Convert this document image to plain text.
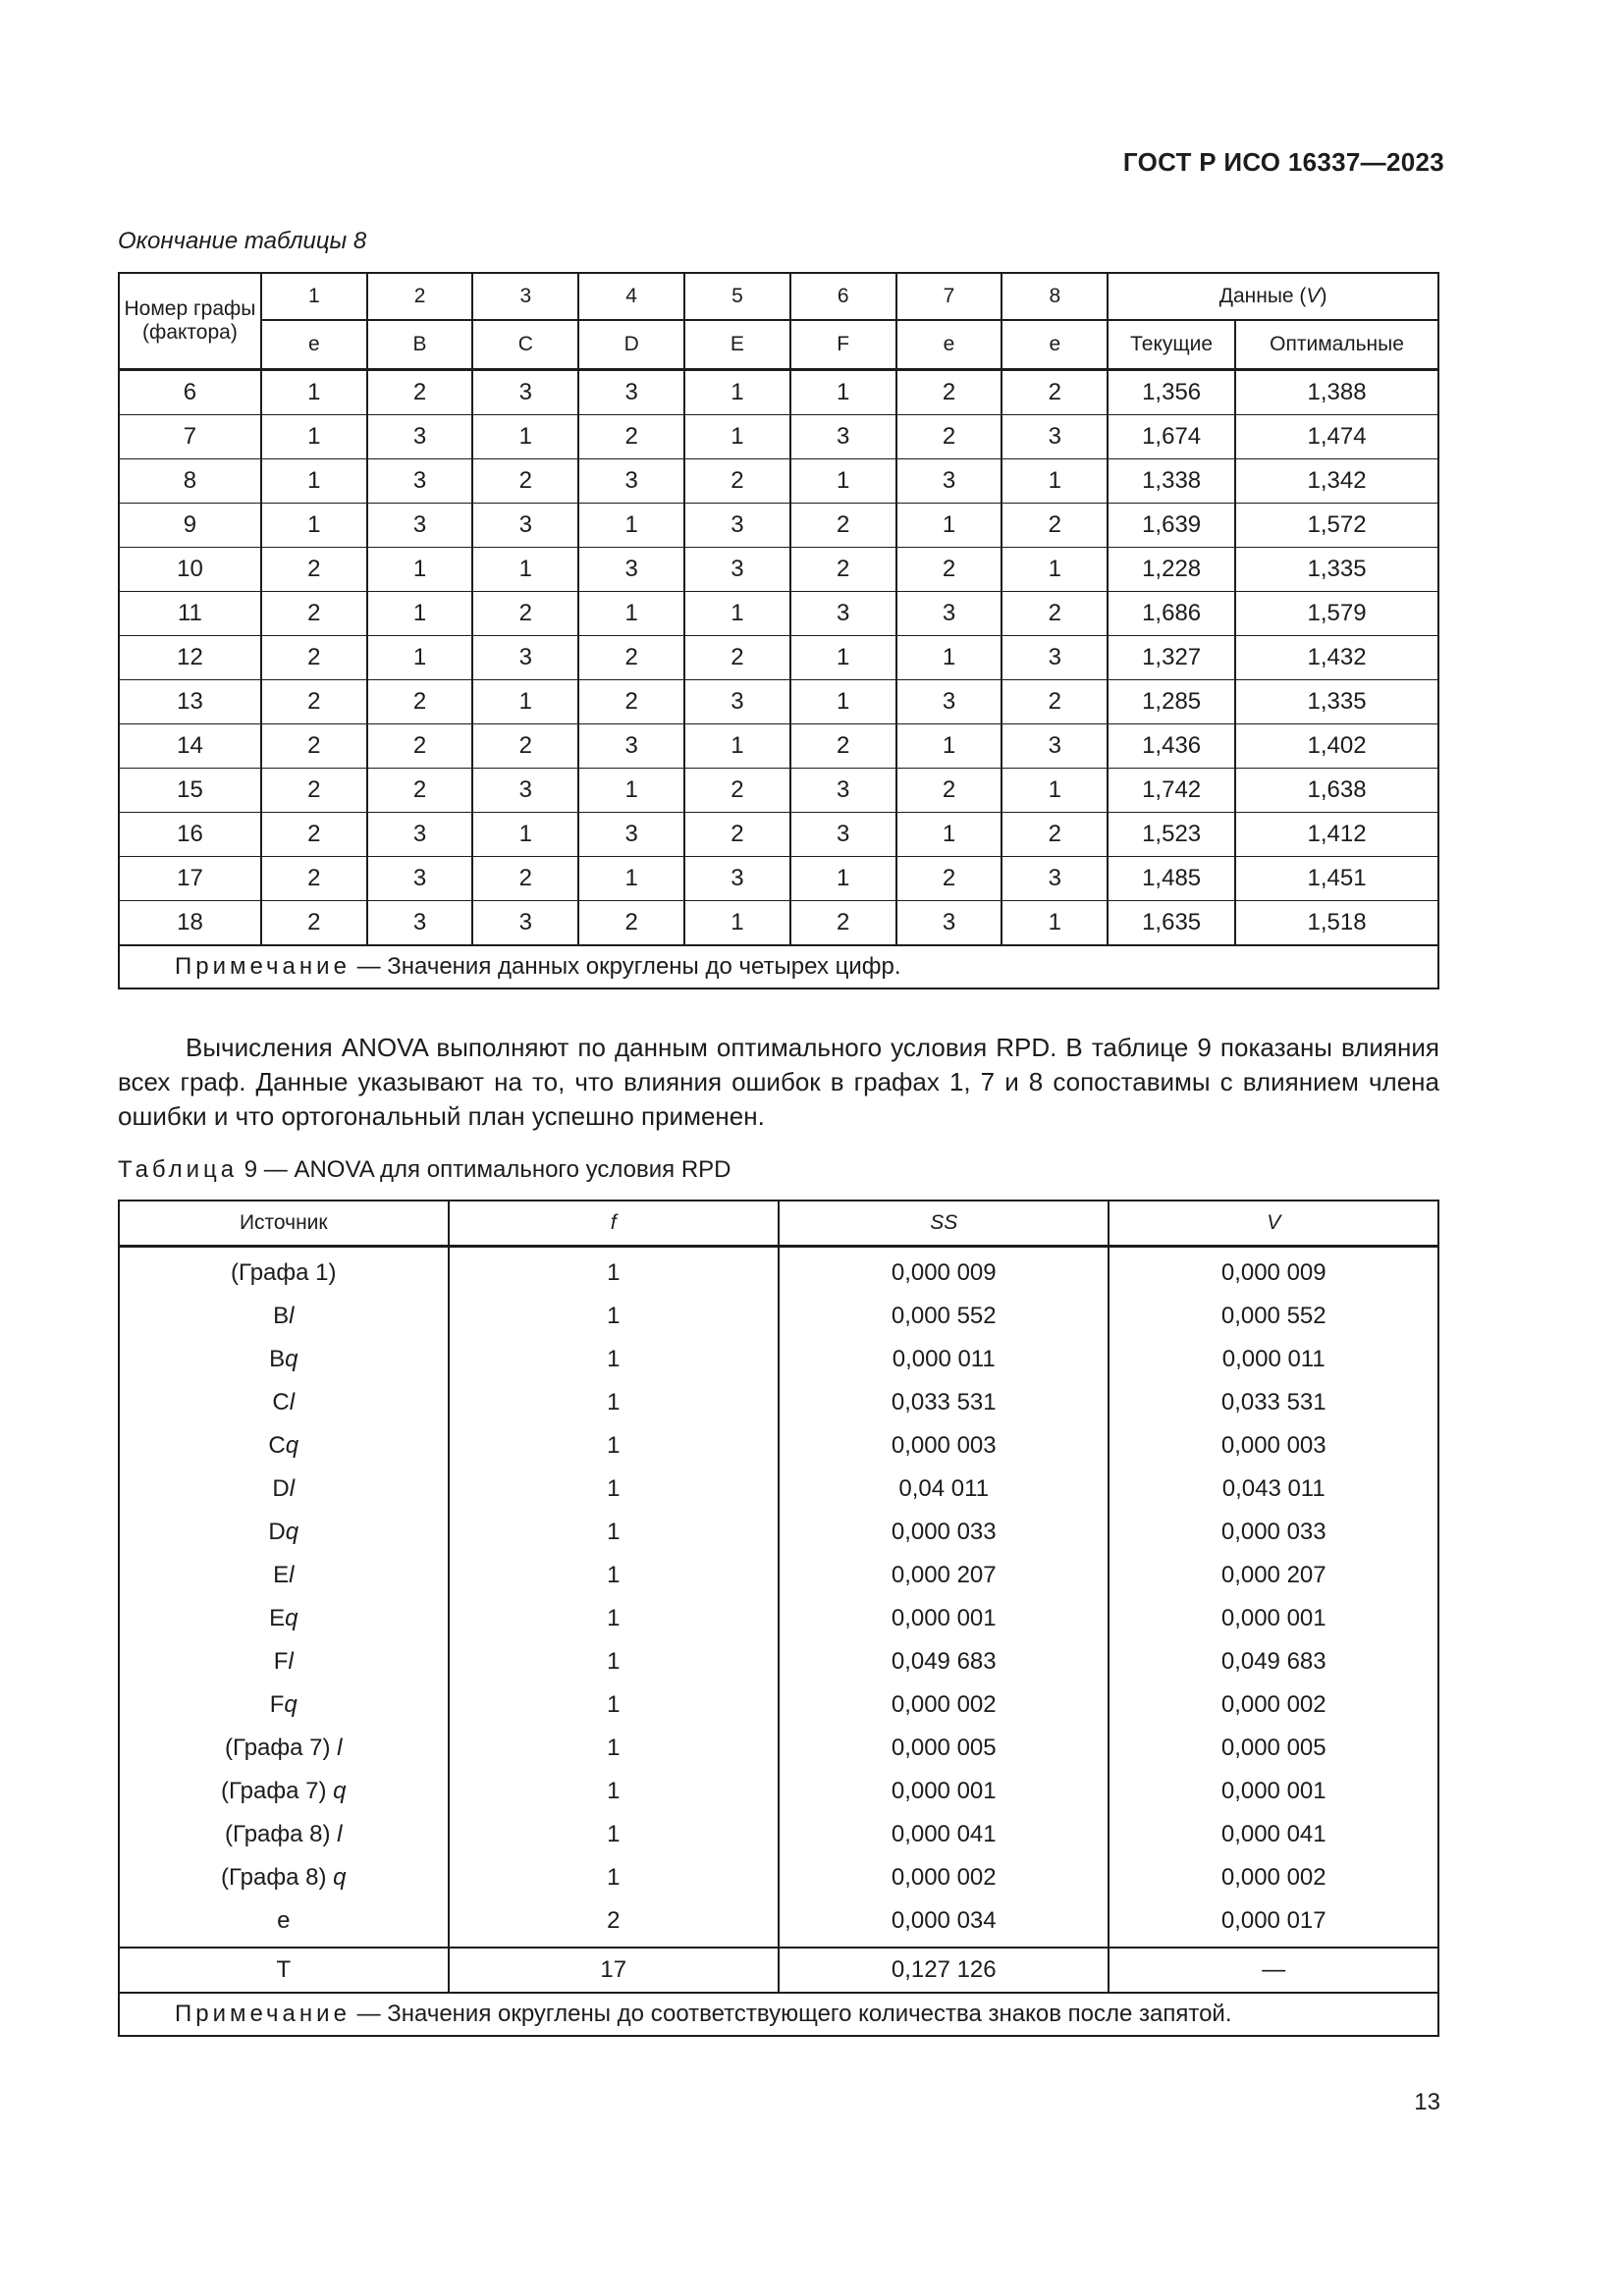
ГОСТ Р ИСО 16337—2023
Окончание таблицы 8
Номер графы (фактора)	1	2	3	4	5	6	7	8	Данные (V)	
	e	B	C	D	E	F	e	e	Текущие	Оптимальные
6	1	2	3	3	1	1	2	2	1,356	1,388
7	1	3	1	2	1	3	2	3	1,674	1,474
8	1	3	2	3	2	1	3	1	1,338	1,342
9	1	3	3	1	3	2	1	2	1,639	1,572
10	2	1	1	3	3	2	2	1	1,228	1,335
11	2	1	2	1	1	3	3	2	1,686	1,579
12	2	1	3	2	2	1	1	3	1,327	1,432
13	2	2	1	2	3	1	3	2	1,285	1,335
14	2	2	2	3	1	2	1	3	1,436	1,402
15	2	2	3	1	2	3	2	1	1,742	1,638
16	2	3	1	3	2	3	1	2	1,523	1,412
17	2	3	2	1	3	1	2	3	1,485	1,451
18	2	3	3	2	1	2	3	1	1,635	1,518
Примечание — Значения данных округлены до четырех цифр.										

Вычисления ANOVA выполняют по данным оптимального условия RPD. В таблице 9 показаны влияния всех граф. Данные указывают на то, что влияния ошибок в графах 1, 7 и 8 сопоставимы с влиянием члена ошибки и что ортогональный план успешно применен.

Таблица 9 — ANOVA для оптимального условия RPD
Источник	f	SS	V
(Графа 1)	1	0,000 009	0,000 009
Bl	1	0,000 552	0,000 552
Bq	1	0,000 011	0,000 011
Cl	1	0,033 531	0,033 531
Cq	1	0,000 003	0,000 003
Dl	1	0,04 011	0,043 011
Dq	1	0,000 033	0,000 033
El	1	0,000 207	0,000 207
Eq	1	0,000 001	0,000 001
Fl	1	0,049 683	0,049 683
Fq	1	0,000 002	0,000 002
(Графа 7) l	1	0,000 005	0,000 005
(Графа 7) q	1	0,000 001	0,000 001
(Графа 8) l	1	0,000 041	0,000 041
(Графа 8) q	1	0,000 002	0,000 002
e	2	0,000 034	0,000 017
T	17	0,127 126	—
Примечание — Значения округлены до соответствующего количества знаков после запятой.			
13
